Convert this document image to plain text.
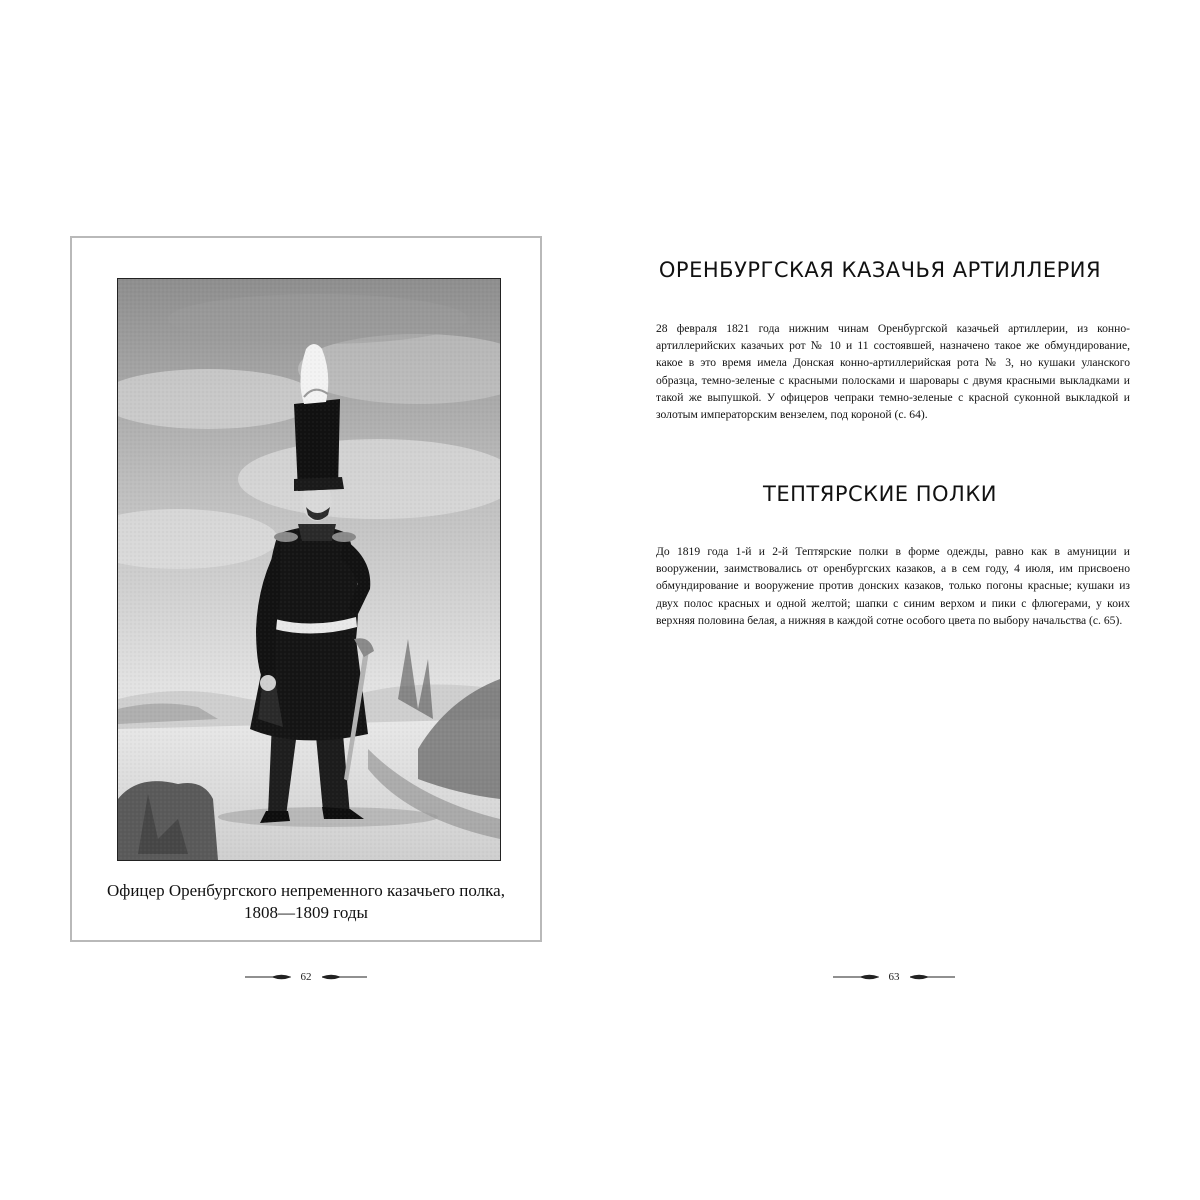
Офицер Оренбургского непременного казачьего полка,
1808—1809 годы
62
ОРЕНБУРГСКАЯ КАЗАЧЬЯ АРТИЛЛЕРИЯ

28 февраля 1821 года нижним чинам Оренбургской казачьей артиллерии, из конно-артиллерийских казачьих рот № 10 и 11 состоявшей, назначено такое же обмундирование, какое в это время имела Донская конно-артиллерийская рота № 3, но кушаки уланского образца, темно-зеленые с красными полосками и шаровары с двумя красными выкладками и такой же выпушкой. У офицеров чепраки темно-зеленые с красной суконной выкладкой и золотым императорским вензелем, под короной (с. 64).

ТЕПТЯРСКИЕ ПОЛКИ

До 1819 года 1-й и 2-й Тептярские полки в форме одежды, равно как в амуниции и вооружении, заимствовались от оренбургских казаков, а в сем году, 4 июля, им присвоено обмундирование и вооружение против донских казаков, только погоны красные; кушаки из двух полос красных и одной желтой; шапки с синим верхом и пики с флюгерами, у коих верхняя половина белая, а нижняя в каждой сотне особого цвета по выбору начальства (с. 65).

63
